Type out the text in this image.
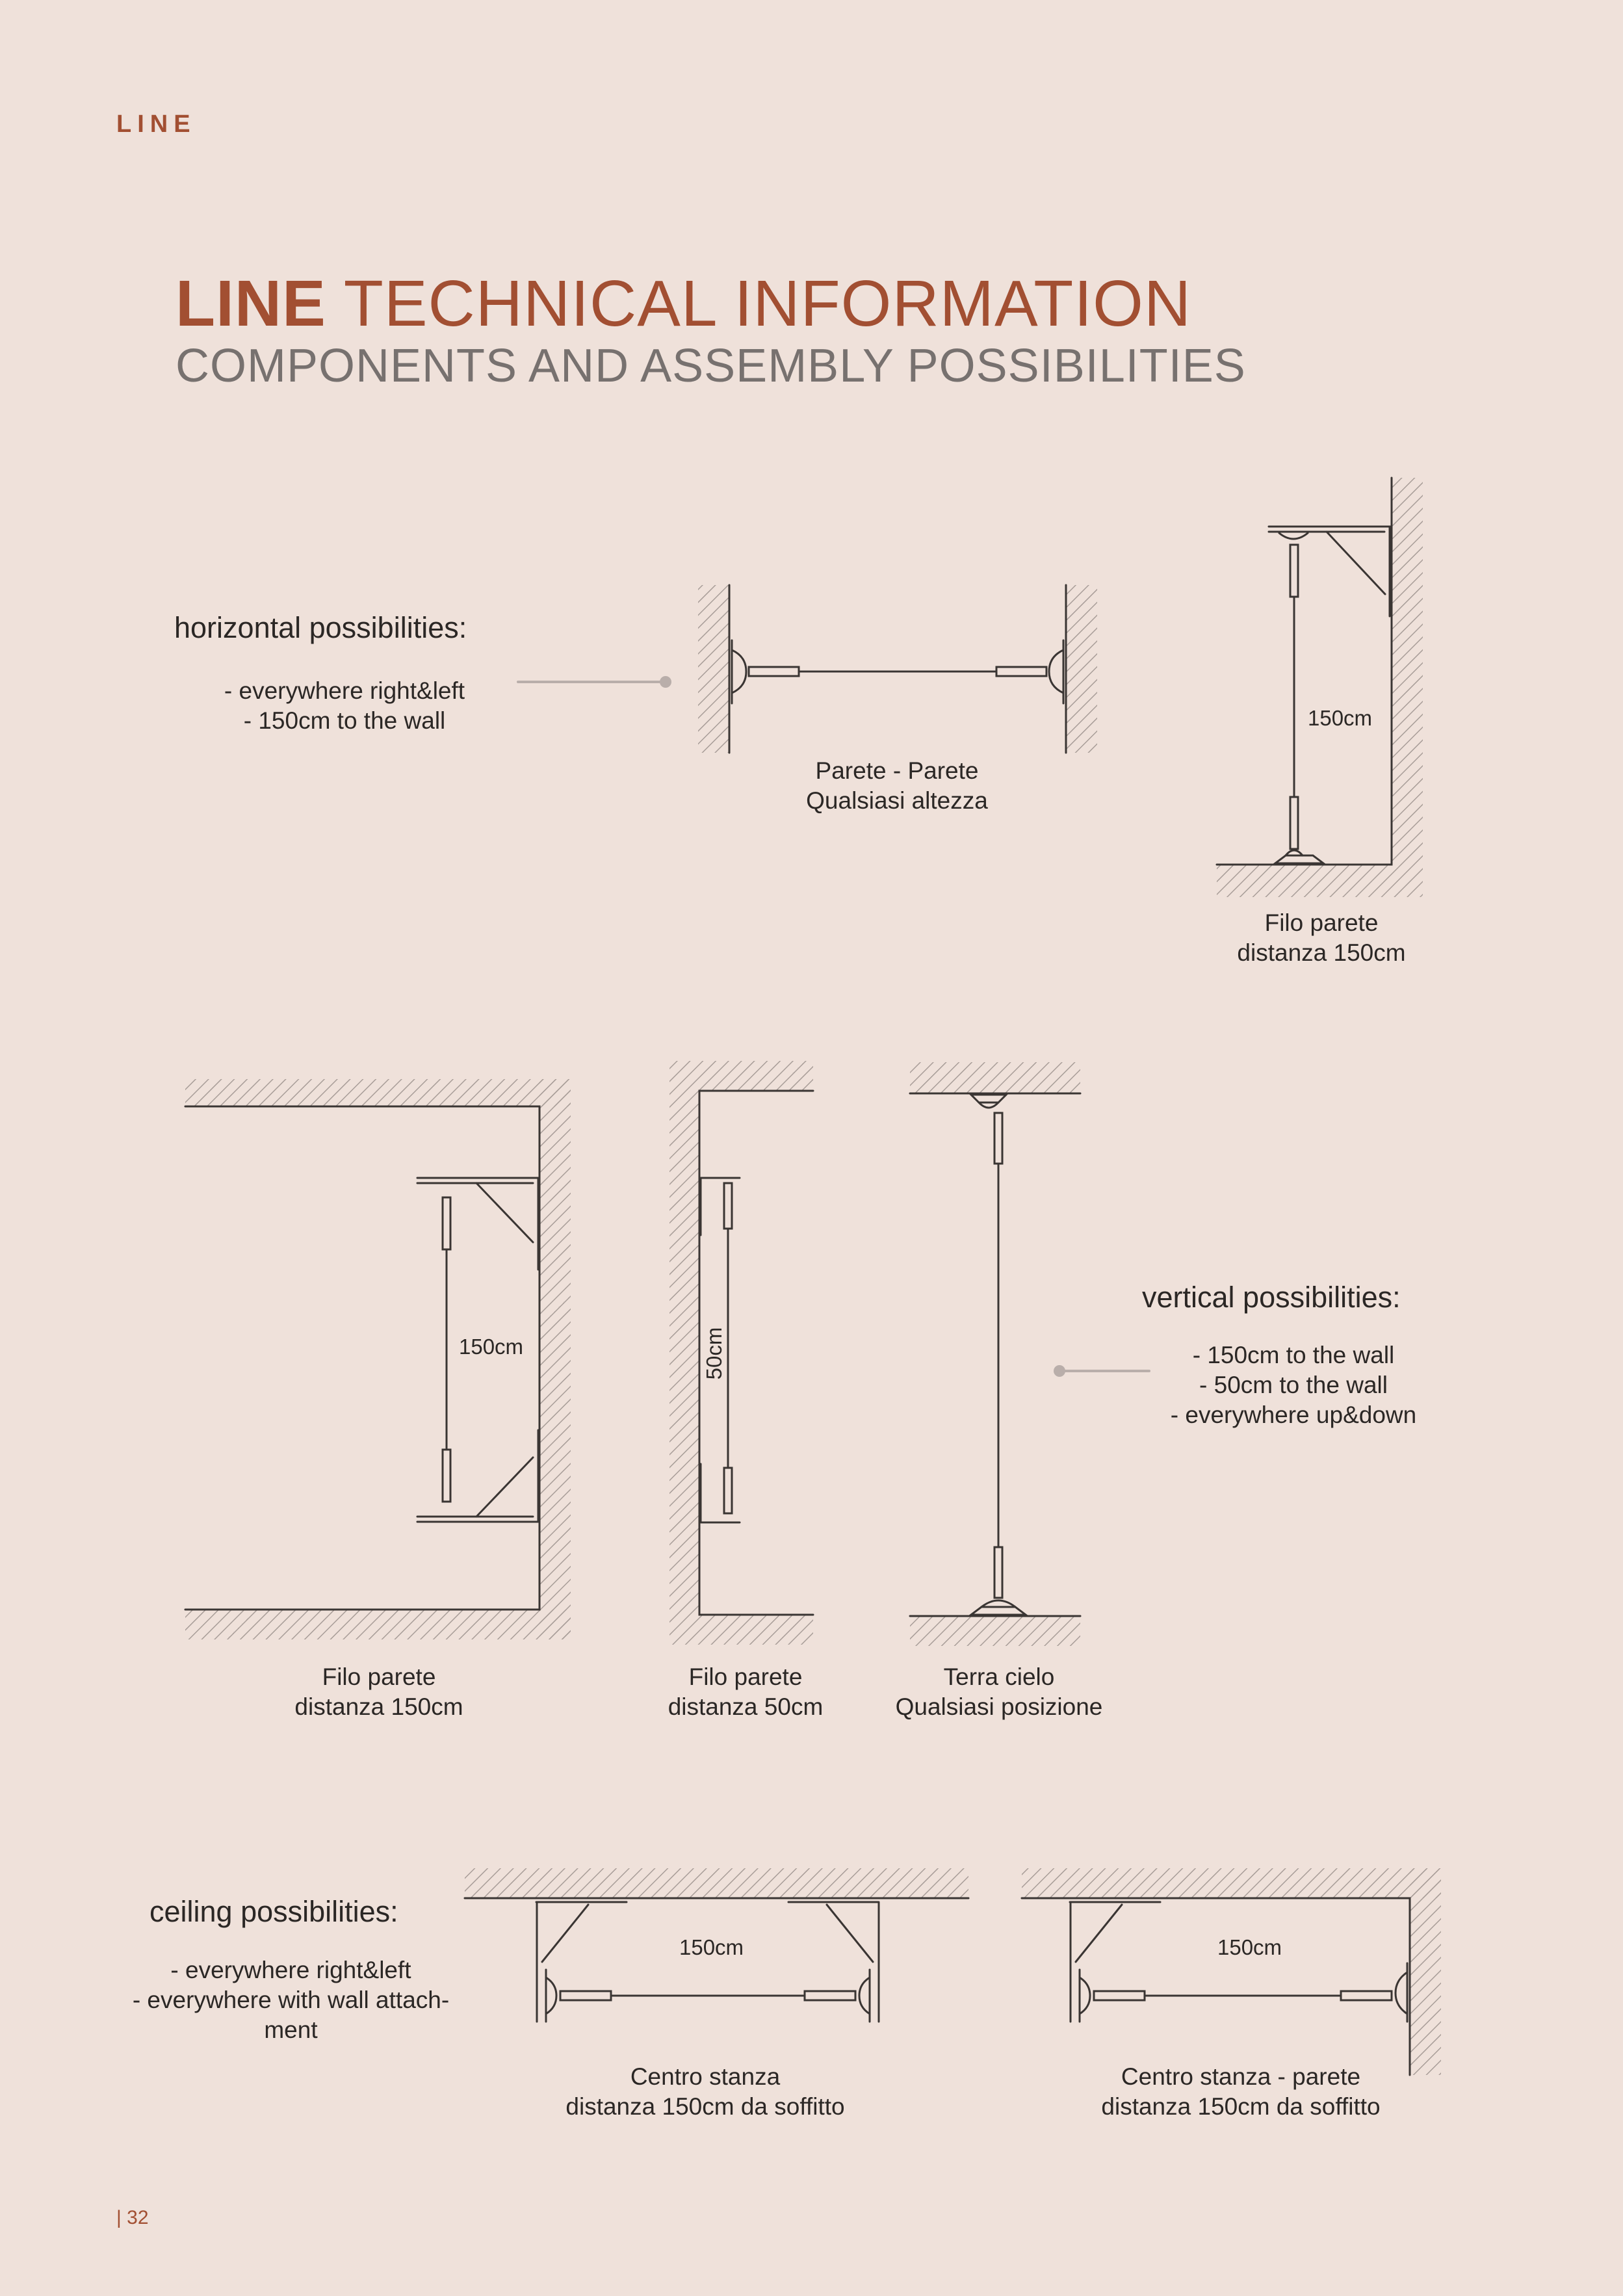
LINE
LINE TECHNICAL INFORMATION
COMPONENTS AND ASSEMBLY POSSIBILITIES
horizontal possibilities:
- everywhere right&left
- 150cm to the wall
vertical possibilities:
- 150cm to the wall
- 50cm to the wall
- everywhere up&down
ceiling possibilities:
- everywhere right&left
- everywhere with wall attach-
ment
Parete - Parete
Qualsiasi altezza
Filo parete
distanza 150cm
Filo parete
distanza 150cm
Filo parete
distanza 50cm
Terra cielo
Qualsiasi posizione
Centro stanza
distanza 150cm da soffitto
Centro stanza - parete
distanza 150cm da soffitto
| 32
150cm
150cm	50cm
150cm	150cm
